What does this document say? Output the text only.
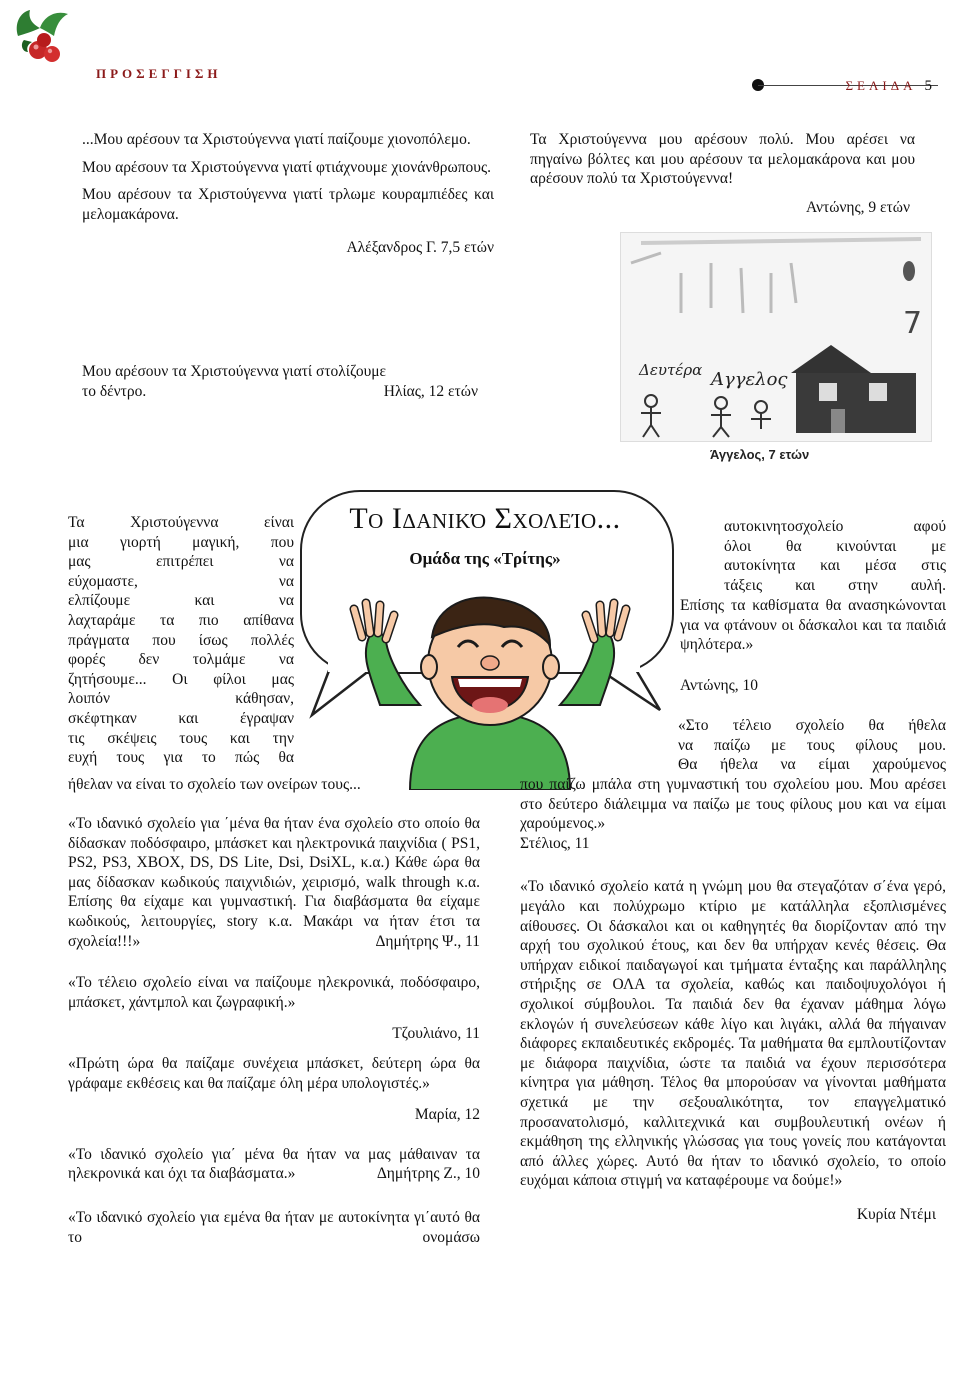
ΠΡΟΣΕΓΓΙΣΗ
ΣΕΛΙΔΑ 5

...Μου αρέσουν τα Χριστούγεννα γιατί παίζουμε χιονοπόλεμο.

Μου αρέσουν τα Χριστούγεννα γιατί φτιάχνουμε χιονάνθρωπους.

Μου αρέσουν τα Χριστούγεννα γιατί τρλωμε κουραμπιέδες και μελομακάρονα.

Αλέξανδρος Γ. 7,5 ετών

Μου αρέσουν τα Χριστούγεννα γιατί στολίζουμε

το δέντρο.	Ηλίας, 12 ετών

Τα Χριστούγεννα μου αρέσουν πολύ. Μου αρέσει να πηγαίνω βόλτες και μου αρέσουν τα μελομακάρονα και μου αρέσουν πολύ τα Χριστούγεννα!

Αντώνης, 9 ετών
7
Αγγελος
Δευτέρα
Άγγελος, 7 ετών
Το Ιδανικό Σχολείο...
Ομάδα της «Τρίτης»
Τα Χριστούγεννα είναι
μια γιορτή μαγική, που
μας επιτρέπει να
εύχομαστε, να
ελπίζουμε και να
λαχταράμε τα πιο απίθανα
πράγματα που ίσως πολλές
φορές δεν τολμάμε να
ζητήσουμε... Οι φίλοι μας
λοιπόν κάθησαν,
σκέφτηκαν και έγραψαν
τις σκέψεις τους και την
ευχή τους για το πώς θα
ήθελαν να είναι το σχολείο των ονείρων τους...

«Το ιδανικό σχολείο για ΄μένα θα ήταν ένα σχολείο στο οποίο θα δίδασκαν ποδόσφαιρο, μπάσκετ και ηλεκτρονικά παιχνίδια ( PS1, PS2, PS3, XBOX, DS, DS Lite, Dsi, DsiXL, κ.α.) Κάθε ώρα θα μας δίδασκαν κωδικούς παιχνιδιών, χειρισμό, walk through κ.α. Επίσης θα είχαμε και γυμναστική. Για διαβάσματα θα είχαμε κωδικούς, λειτουργίες, story κ.α. Μακάρι να ήταν έτσι τα σχολεία!!!»	Δημήτρης Ψ., 11

«Το τέλειο σχολείο είναι να παίζουμε ηλεκρονικά, ποδόσφαιρο, μπάσκετ, χάντμπολ και ζωγραφική.»

Τζουλιάνο, 11

«Πρώτη ώρα θα παίζαμε συνέχεια μπάσκετ, δεύτερη ώρα θα γράφαμε εκθέσεις και θα παίζαμε όλη μέρα υπολογιστές.»

Μαρία, 12

«Το ιδανικό σχολείο για΄ μένα θα ήταν να μας μάθαιναν τα ηλεκρονικά και όχι τα διαβάσματα.»	Δημήτρης Ζ., 10

«Το ιδανικό σχολείο για εμένα θα ήταν με αυτοκίνητα γι΄αυτό θα το ονομάσω

αυτοκινητοσχολείο αφού
όλοι θα κινούνται με
αυτοκίνητα και μέσα στις
τάξεις και στην αυλή.
Επίσης τα καθίσματα θα ανασηκώνονται για να φτάνουν οι δάσκαλοι και τα παιδιά ψηλότερα.»
Αντώνης, 10
«Στο τέλειο σχολείο θα ήθελα
να παίζω με τους φίλους μου.
Θα ήθελα να είμαι χαρούμενος

που παίζω μπάλα στη γυμναστική του σχολείου μου. Μου αρέσει στο δεύτερο διάλειμμα να παίζω με τους φίλους μου και να είμαι χαρούμενος.»

Στέλιος, 11

«Το ιδανικό σχολείο κατά η γνώμη μου θα στεγαζόταν σ΄ένα γερό, μεγάλο και πολύχρωμο κτίριο με κατάλληλα εξοπλισμένες αίθουσες. Οι δάσκαλοι και οι καθηγητές θα διορίζονταν από την αρχή του σχολικού έτους, και δεν θα υπήρχαν κενές θέσεις. Θα υπήρχαν ειδικοί παιδαγωγοί και τμήματα ένταξης και παράλληλης στήριξης σε ΟΛΑ τα σχολεία, καθώς και παιδοψυχολόγοι ή σχολικοί σύμβουλοι. Τα παιδιά δεν θα έχαναν μάθημα λόγω εκλογών ή συνελεύσεων κάθε λίγο και λιγάκι, αλλά θα πήγαιναν διάφορες εκπαιδευτικές εκδρομές. Τα μαθήματα θα εμπλουτίζονταν με διάφορα παιχνίδια, ώστε τα παιδιά να έχουν περισσότερα κίνητρα για μάθηση. Τέλος θα μπορούσαν να γίνονται μαθήματα σχετικά με την σεξουαλικότητα, τον επαγγελματικό προσανατολισμό, καλλιτεχνικά και συμβουλευτική ονέων ή εκμάθηση της ελληνικής γλώσσας για τους γονείς που κατάγονται από άλλες χώρες. Αυτό θα ήταν το ιδανικό σχολείο, το οποίο ευχόμαι κάποια στιγμή να καταφέρουμε να δούμε!»

Κυρία Ντέμι
